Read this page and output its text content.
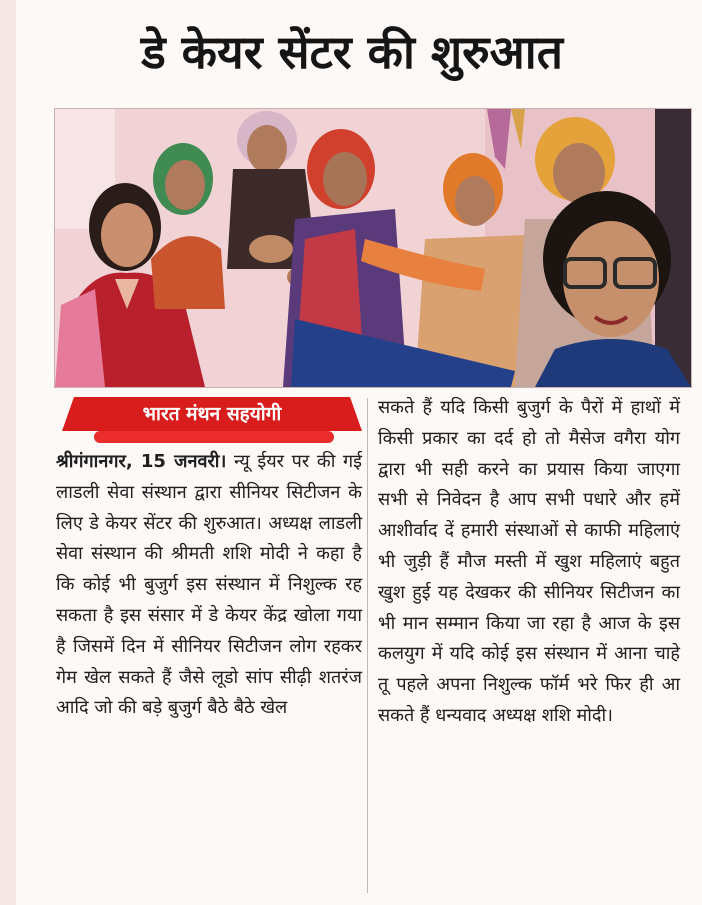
डे केयर सेंटर की शुरुआत
भारत मंथन सहयोगी
श्रीगंगानगर, 15 जनवरी। न्यू ईयर पर की गई लाडली सेवा संस्थान द्वारा सीनियर सिटीजन के लिए डे केयर सेंटर की शुरुआत। अध्यक्ष लाडली सेवा संस्थान की श्रीमती शशि मोदी ने कहा है कि कोई भी बुजुर्ग इस संस्थान में निशुल्क रह सकता है इस संसार में डे केयर केंद्र खोला गया है जिसमें दिन में सीनियर सिटीजन लोग रहकर गेम खेल सकते हैं जैसे लूडो सांप सीढ़ी शतरंज आदि जो की बड़े बुजुर्ग बैठे बैठे खेल
सकते हैं यदि किसी बुजुर्ग के पैरों में हाथों में किसी प्रकार का दर्द हो तो मैसेज वगैरा योग द्वारा भी सही करने का प्रयास किया जाएगा सभी से निवेदन है आप सभी पधारे और हमें आशीर्वाद दें हमारी संस्थाओं से काफी महिलाएं भी जुड़ी हैं मौज मस्ती में खुश महिलाएं बहुत खुश हुई यह देखकर की सीनियर सिटीजन का भी मान सम्मान किया जा रहा है आज के इस कलयुग में यदि कोई इस संस्थान में आना चाहे तू पहले अपना निशुल्क फॉर्म भरे फिर ही आ सकते हैं धन्यवाद अध्यक्ष शशि मोदी।
